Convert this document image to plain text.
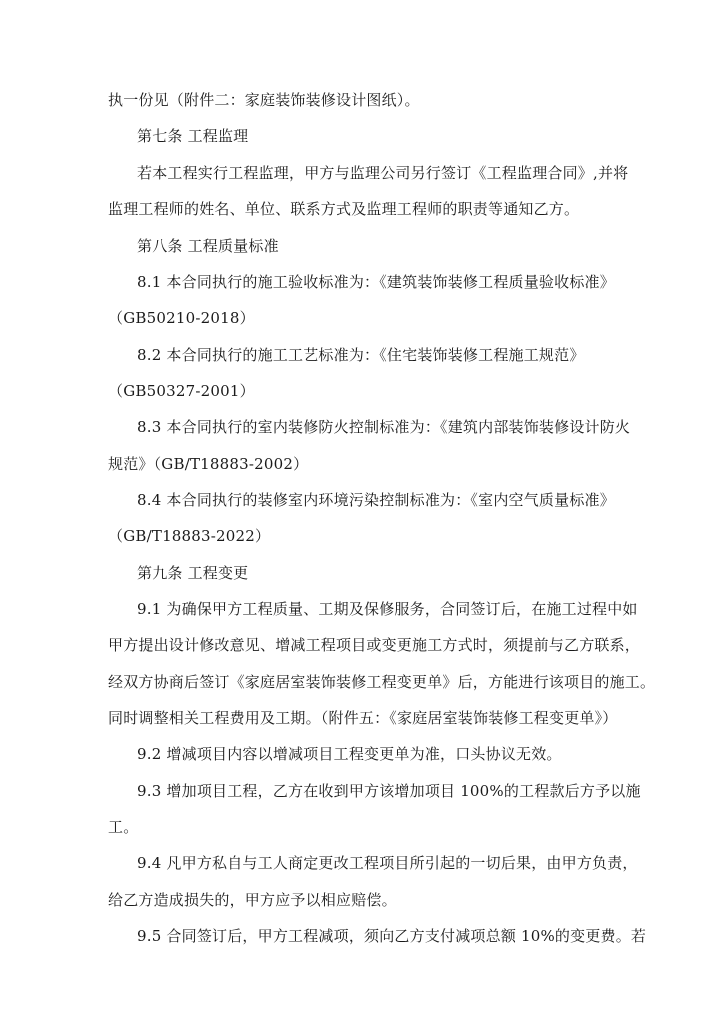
执一份见（附件二：家庭装饰装修设计图纸）。
第七条 工程监理
若本工程实行工程监理，甲方与监理公司另行签订《工程监理合同》,并将
监理工程师的姓名、单位、联系方式及监理工程师的职责等通知乙方。
第八条 工程质量标准
8.1 本合同执行的施工验收标准为：《建筑装饰装修工程质量验收标准》
（GB50210-2018）
8.2 本合同执行的施工工艺标准为：《住宅装饰装修工程施工规范》
（GB50327-2001）
8.3 本合同执行的室内装修防火控制标准为：《建筑内部装饰装修设计防火
规范》（GB/T18883-2002）
8.4 本合同执行的装修室内环境污染控制标准为：《室内空气质量标准》
（GB/T18883-2022）
第九条 工程变更
9.1 为确保甲方工程质量、工期及保修服务，合同签订后，在施工过程中如
甲方提出设计修改意见、增减工程项目或变更施工方式时，须提前与乙方联系，
经双方协商后签订《家庭居室装饰装修工程变更单》后，方能进行该项目的施工。
同时调整相关工程费用及工期。（附件五：《家庭居室装饰装修工程变更单》）
9.2 增减项目内容以增减项目工程变更单为准，口头协议无效。
9.3 增加项目工程，乙方在收到甲方该增加项目 100%的工程款后方予以施
工。
9.4 凡甲方私自与工人商定更改工程项目所引起的一切后果，由甲方负责，
给乙方造成损失的，甲方应予以相应赔偿。
9.5 合同签订后，甲方工程减项，须向乙方支付减项总额 10%的变更费。若
